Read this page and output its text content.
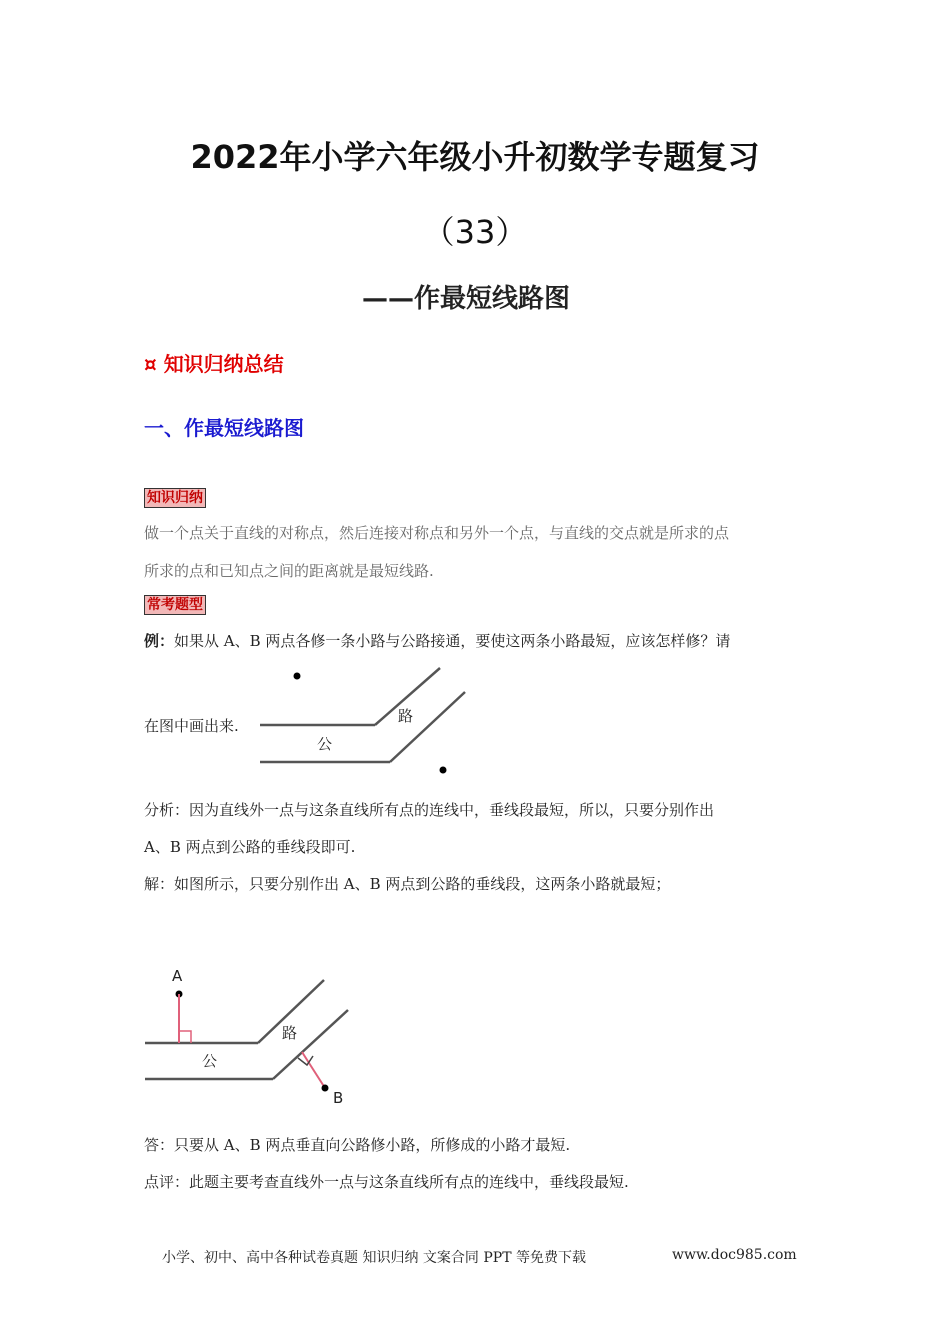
2022年小学六年级小升初数学专题复习
（33）
——作最短线路图
¤ 知识归纳总结
一、作最短线路图
知识归纳
做一个点关于直线的对称点，然后连接对称点和另外一个点，与直线的交点就是所求的点
所求的点和已知点之间的距离就是最短线路.
常考题型
例：如果从 A、B 两点各修一条小路与公路接通，要使这两条小路最短，应该怎样修？请
在图中画出来.
公
路
分析：因为直线外一点与这条直线所有点的连线中，垂线段最短，所以，只要分别作出
A、B 两点到公路的垂线段即可.
解：如图所示，只要分别作出 A、B 两点到公路的垂线段，这两条小路就最短；
公
路
A
B
答：只要从 A、B 两点垂直向公路修小路，所修成的小路才最短.
点评：此题主要考查直线外一点与这条直线所有点的连线中，垂线段最短.
小学、初中、高中各种试卷真题 知识归纳 文案合同 PPT 等免费下载	www.doc985.com
